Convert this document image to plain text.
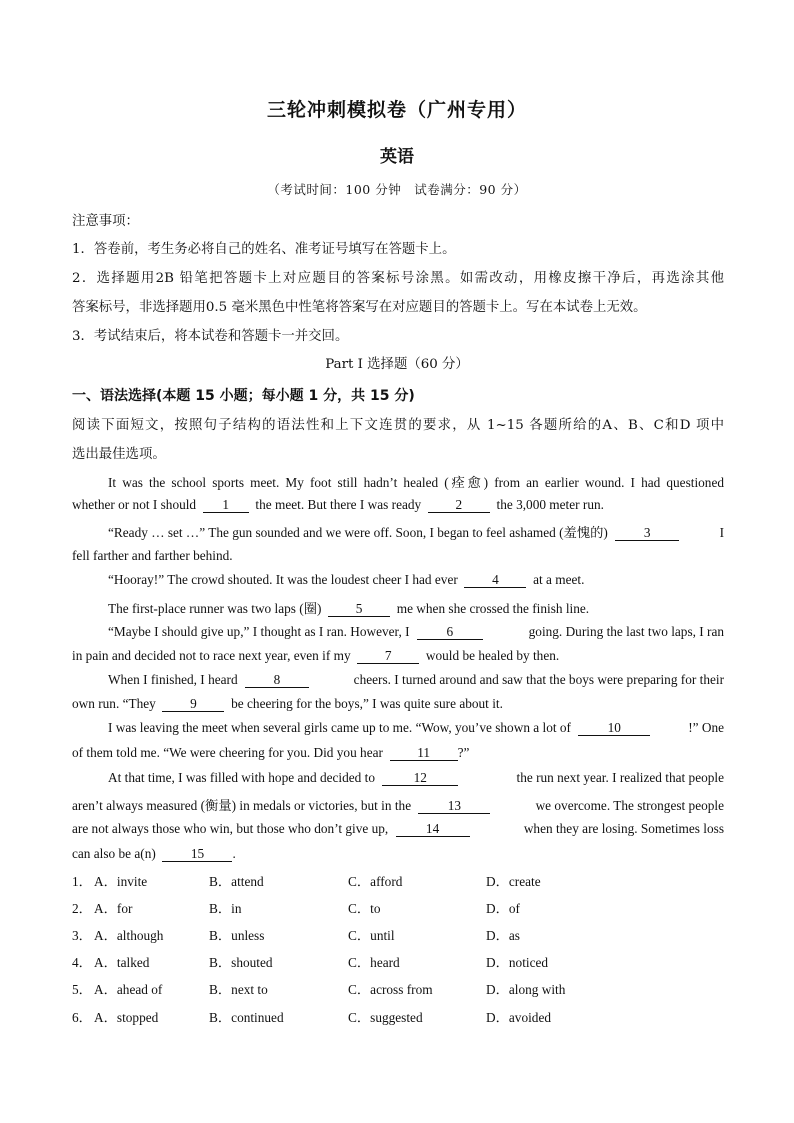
三轮冲刺模拟卷（广州专用）
英语
（考试时间：100 分钟　试卷满分：90 分）
注意事项：
1．答卷前，考生务必将自己的姓名、准考证号填写在答题卡上。
2．选择题用2B 铅笔把答题卡上对应题目的答案标号涂黑。如需改动，用橡皮擦干净后，再选涂其他
答案标号，非选择题用0.5 毫米黑色中性笔将答案写在对应题目的答题卡上。写在本试卷上无效。
3．考试结束后，将本试卷和答题卡一并交回。
Part I 选择题（60 分）
一、语法选择(本题 15 小题；每小题 1 分，共 15 分)
阅读下面短文，按照句子结构的语法性和上下文连贯的要求，从 1~15 各题所给的A、B、C和D 项中
选出最佳选项。
It was the school sports meet. My foot still hadn’t healed (痊愈) from an earlier wound. I had questioned
whether or not I should 1 the meet. But there I was ready	2	the 3,000 meter run.
“Ready … set …” The gun sounded and we were off. Soon, I began to feel ashamed (羞愧的)
	3	I
fell farther and farther behind.
“Hooray!” The crowd shouted. It was the loudest cheer I had ever	4	at a meet.
The first-place runner was two laps (圈)	5	me when she crossed the finish line.
“Maybe I should give up,” I thought as I ran. However, I
	6	going. During the last two laps, I ran
in pain and decided not to race next year, even if my	7	would be healed by then.
When I finished, I heard
	8	cheers. I turned around and saw that the boys were preparing for their
own run. “They	9	be cheering for the boys,” I was quite sure about it.
I was leaving the meet when several girls came up to me. “Wow, you’ve shown a lot of
	10	!” One
of them told me. “We were cheering for you. Did you hear	11 ?”
At that time, I was filled with hope and decided to
	12	the run next year. I realized that people
aren’t always measured (衡量) in medals or victories, but in the
	13	we overcome. The strongest people
are not always those who win, but those who don’t give up,
	14	when they are losing. Sometimes loss
can also be a(n)	15 .
1． A．invite	B．attend	C．afford	D．create
2． A．for	B．in	C．to	D．of
3． A．although	B．unless	C．until	D．as
4． A．talked	B．shouted	C．heard	D．noticed
5． A．ahead of	B．next to	C．across from	D．along with
6． A．stopped	B．continued	C．suggested	D．avoided
